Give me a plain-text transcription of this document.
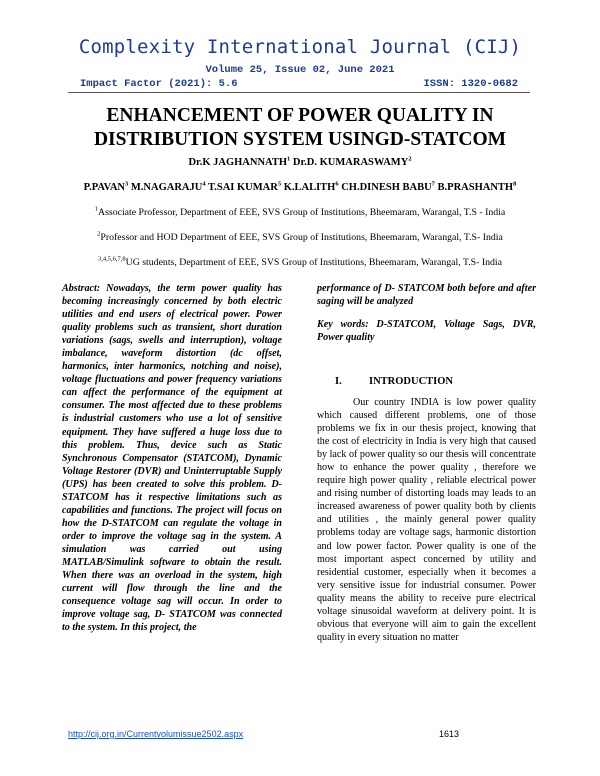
Complexity International Journal (CIJ)
Volume 25, Issue 02, June 2021
Impact Factor (2021): 5.6	ISSN: 1320-0682
ENHANCEMENT OF POWER QUALITY IN
DISTRIBUTION SYSTEM USINGD-STATCOM
Dr.K JAGHANNATH$^1$ Dr.D. KUMARASWAMY$^2$
P.PAVAN$^3$ M.NAGARAJU$^4$ T.SAI KUMAR$^5$ K.LALITH$^6$ CH.DINESH BABU$^7$ B.PRASHANTH$^8$
$^1$Associate Professor, Department of EEE, SVS Group of Institutions, Bheemaram, Warangal, T.S - India
$^2$Professor and HOD Department of EEE, SVS Group of Institutions, Bheemaram, Warangal, T.S- India
$^{3,4,5,6,7,8}$UG students, Department of EEE, SVS Group of Institutions, Bheemaram, Warangal, T.S- India

Abstract: Nowadays, the term power quality has becoming increasingly concerned by both electric utilities and end users of electrical power. Power quality problems such as transient, short duration variations (sags, swells and interruption), voltage imbalance, waveform distortion (dc offset, harmonics, inter harmonics, notching and noise), voltage fluctuations and power frequency variations can affect the performance of the equipment at consumer. The most affected due to these problems is industrial customers who use a lot of sensitive equipment. They have suffered a huge loss due to this problem. Thus, device such as Static Synchronous Compensator (STATCOM), Dynamic Voltage Restorer (DVR) and Uninterruptable Supply (UPS) has been created to solve this problem. D-STATCOM has it respective limitations such as capabilities and functions. The project will focus on how the D-STATCOM can regulate the voltage in order to improve the voltage sag in the system. A simulation was carried out using MATLAB/Simulink software to obtain the result. When there was an overload in the system, high current will flow through the line and the consequence voltage sag will occur. In order to improve voltage sag, D- STATCOM was connected to the system. In this project, the

performance of D- STATCOM both before and after saging will be analyzed

Key words: D-STATCOM, Voltage Sags, DVR, Power quality

I.	INTRODUCTION

Our country INDIA is low power quality which caused different problems, one of those problems we fix in our thesis project, knowing that the cost of electricity in India is very high that caused by lack of power quality so our thesis will concentrate how to enhance the power quality , therefore we require high power quality , reliable electrical power and rising number of distorting loads may leads to an increased awareness of power quality both by clients and utilities , the mainly general power quality problems today are voltage sags, harmonic distortion and low power factor. Power quality is one of the most important aspect concerned by utility and residential customer, especially when it becomes a very sensitive issue for industrial consumer. Power quality means the ability to receive pure electrical voltage sinusoidal waveform at delivery point. It is obvious that everyone will aim to gain the excellent quality in every situation no matter

http://cij.org.in/Currentvolumissue2502.aspx	1613
